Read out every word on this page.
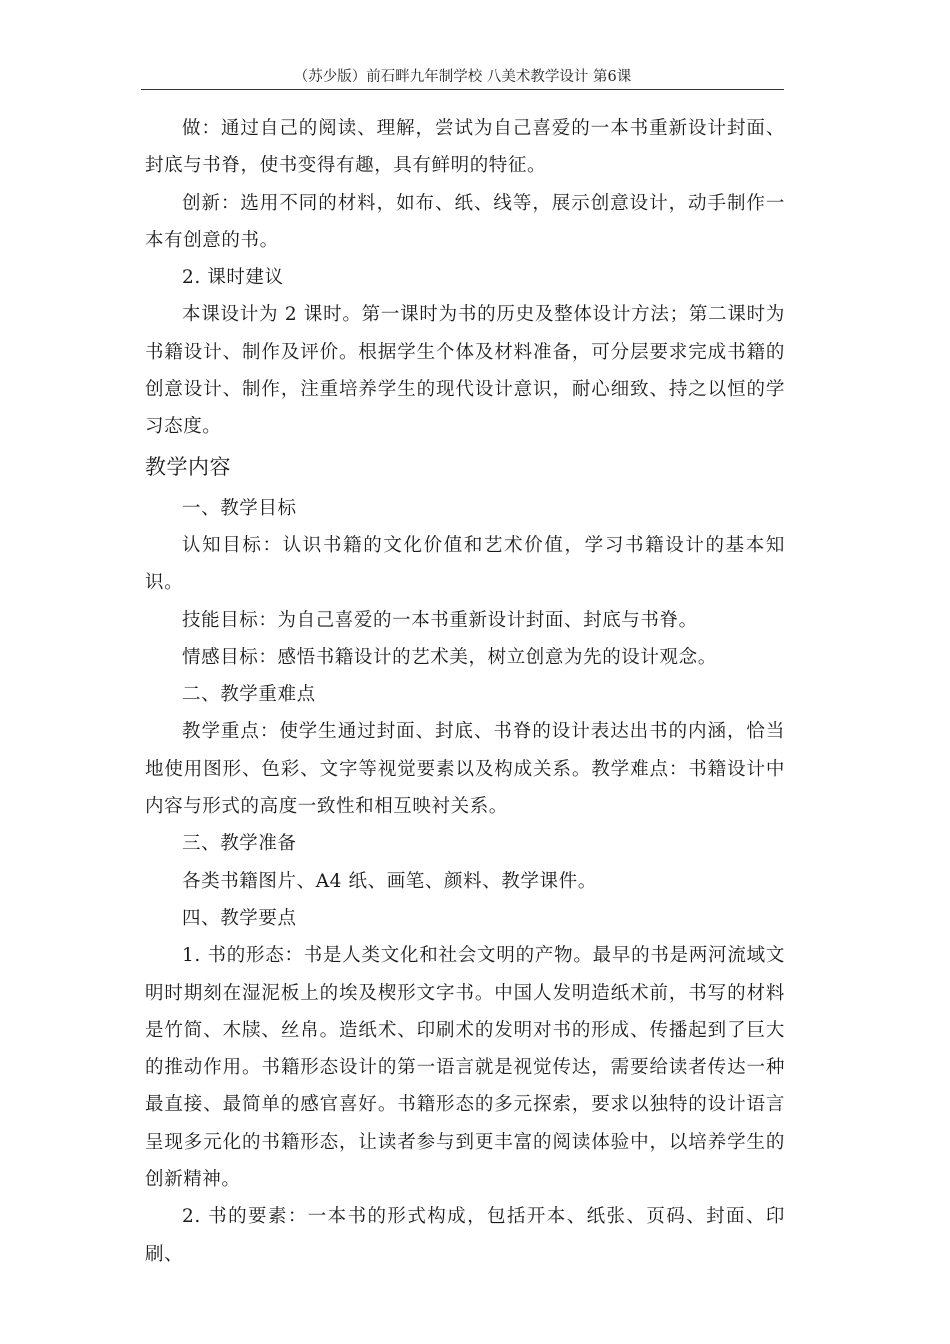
（苏少版）前石畔九年制学校 八美术教学设计 第6课

做：通过自己的阅读、理解，尝试为自己喜爱的一本书重新设计封面、封底与书脊，使书变得有趣，具有鲜明的特征。

创新：选用不同的材料，如布、纸、线等，展示创意设计，动手制作一本有创意的书。

2. 课时建议

本课设计为 2 课时。第一课时为书的历史及整体设计方法；第二课时为书籍设计、制作及评价。根据学生个体及材料准备，可分层要求完成书籍的创意设计、制作，注重培养学生的现代设计意识，耐心细致、持之以恒的学习态度。

教学内容

一、教学目标

认知目标：认识书籍的文化价值和艺术价值，学习书籍设计的基本知识。

技能目标：为自己喜爱的一本书重新设计封面、封底与书脊。

情感目标：感悟书籍设计的艺术美，树立创意为先的设计观念。

二、教学重难点

教学重点：使学生通过封面、封底、书脊的设计表达出书的内涵，恰当地使用图形、色彩、文字等视觉要素以及构成关系。教学难点：书籍设计中内容与形式的高度一致性和相互映衬关系。

三、教学准备

各类书籍图片、A4 纸、画笔、颜料、教学课件。

四、教学要点

1. 书的形态：书是人类文化和社会文明的产物。最早的书是两河流域文明时期刻在湿泥板上的埃及楔形文字书。中国人发明造纸术前，书写的材料是竹简、木牍、丝帛。造纸术、印刷术的发明对书的形成、传播起到了巨大的推动作用。书籍形态设计的第一语言就是视觉传达，需要给读者传达一种最直接、最简单的感官喜好。书籍形态的多元探索，要求以独特的设计语言呈现多元化的书籍形态，让读者参与到更丰富的阅读体验中，以培养学生的创新精神。

2. 书的要素：一本书的形式构成，包括开本、纸张、页码、封面、印刷、
